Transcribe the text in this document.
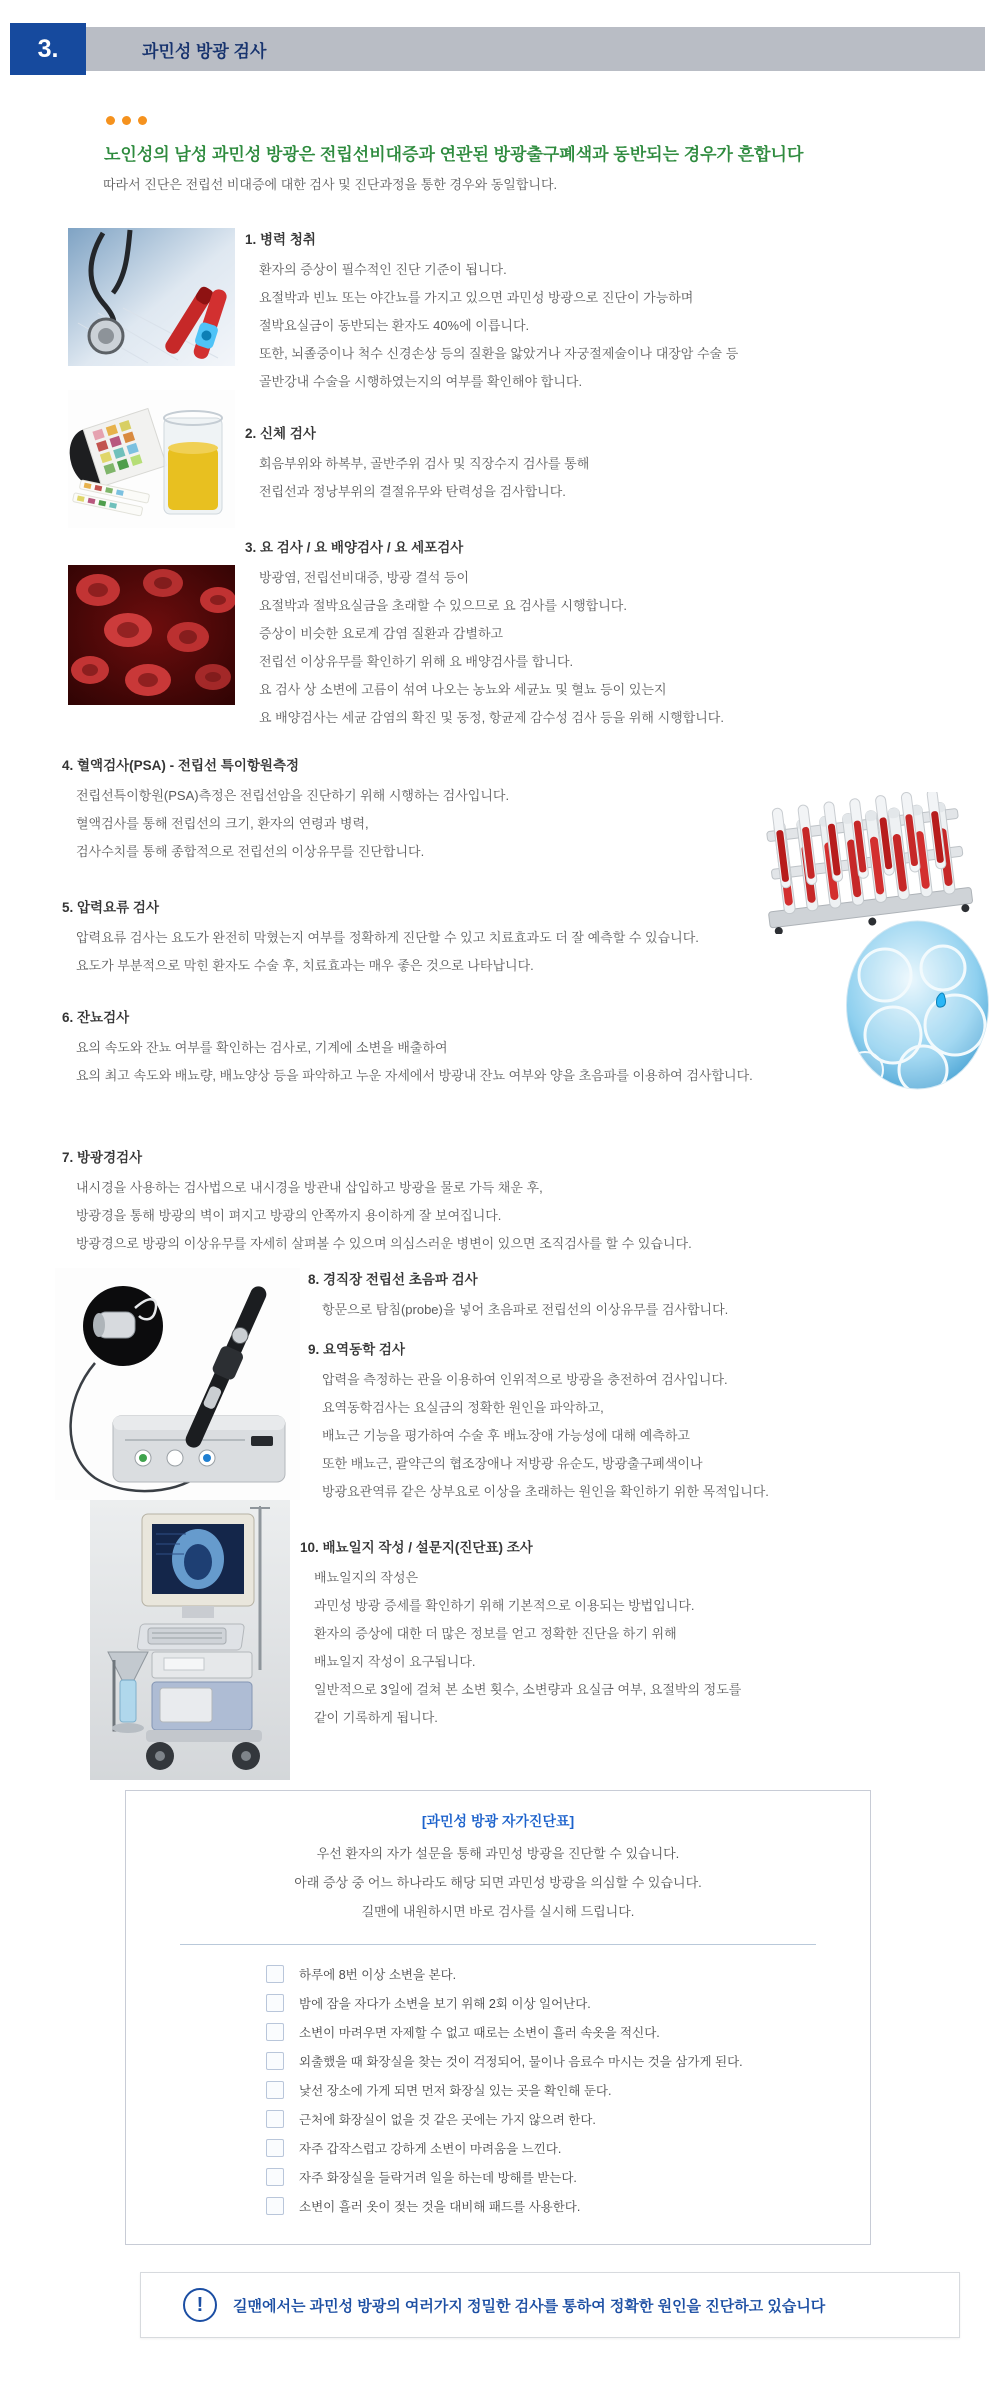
3.	과민성 방광 검사
노인성의 남성 과민성 방광은 전립선비대증과 연관된 방광출구폐색과 동반되는 경우가 흔합니다
따라서 진단은 전립선 비대증에 대한 검사 및 진단과정을 통한 경우와 동일합니다.
1. 병력 청취

환자의 증상이 필수적인 진단 기준이 됩니다.

요절박과 빈뇨 또는 야간뇨를 가지고 있으면 과민성 방광으로 진단이 가능하며

절박요실금이 동반되는 환자도 40%에 이릅니다.

또한, 뇌졸중이나 척수 신경손상 등의 질환을 앓았거나 자궁절제술이나 대장암 수술 등

골반강내 수술을 시행하였는지의 여부를 확인해야 합니다.

2. 신체 검사

회음부위와 하복부, 골반주위 검사 및 직장수지 검사를 통해

전립선과 정낭부위의 결절유무와 탄력성을 검사합니다.

3. 요 검사 / 요 배양검사 / 요 세포검사

방광염, 전립선비대증, 방광 결석 등이

요절박과 절박요실금을 초래할 수 있으므로 요 검사를 시행합니다.

증상이 비슷한 요로계 감염 질환과 감별하고

전립선 이상유무를 확인하기 위해 요 배양검사를 합니다.

요 검사 상 소변에 고름이 섞여 나오는 농뇨와 세균뇨 및 혈뇨 등이 있는지

요 배양검사는 세균 감염의 확진 및 동정, 항균제 감수성 검사 등을 위해 시행합니다.

4. 혈액검사(PSA) - 전립선 특이항원측정

전립선특이항원(PSA)측정은 전립선암을 진단하기 위해 시행하는 검사입니다.

혈액검사를 통해 전립선의 크기, 환자의 연령과 병력,

검사수치를 통해 종합적으로 전립선의 이상유무를 진단합니다.

5. 압력요류 검사

압력요류 검사는 요도가 완전히 막혔는지 여부를 정확하게 진단할 수 있고 치료효과도 더 잘 예측할 수 있습니다.

요도가 부분적으로 막힌 환자도 수술 후, 치료효과는 매우 좋은 것으로 나타납니다.

6. 잔뇨검사

요의 속도와 잔뇨 여부를 확인하는 검사로, 기계에 소변을 배출하여

요의 최고 속도와 배뇨량, 배뇨양상 등을 파악하고 누운 자세에서 방광내 잔뇨 여부와 양을 초음파를 이용하여 검사합니다.

7. 방광경검사

내시경을 사용하는 검사법으로 내시경을 방관내 삽입하고 방광을 물로 가득 채운 후,

방광경을 통해 방광의 벽이 펴지고 방광의 안쪽까지 용이하게 잘 보여집니다.

방광경으로 방광의 이상유무를 자세히 살펴볼 수 있으며 의심스러운 병변이 있으면 조직검사를 할 수 있습니다.

8. 경직장 전립선 초음파 검사

항문으로 탐침(probe)을 넣어 초음파로 전립선의 이상유무를 검사합니다.

9. 요역동학 검사

압력을 측정하는 관을 이용하여 인위적으로 방광을 충전하여 검사입니다.

요역동학검사는 요실금의 정확한 원인을 파악하고,

배뇨근 기능을 평가하여 수술 후 배뇨장애 가능성에 대해 예측하고

또한 배뇨근, 괄약근의 협조장애나 저방광 유순도, 방광출구폐색이나

방광요관역류 같은 상부요로 이상을 초래하는 원인을 확인하기 위한 목적입니다.

10. 배뇨일지 작성 / 설문지(진단표) 조사

배뇨일지의 작성은

과민성 방광 증세를 확인하기 위해 기본적으로 이용되는 방법입니다.

환자의 증상에 대한 더 많은 정보를 얻고 정확한 진단을 하기 위해

배뇨일지 작성이 요구됩니다.

일반적으로 3일에 걸쳐 본 소변 횟수, 소변량과 요실금 여부, 요절박의 정도를

같이 기록하게 됩니다.

[과민성 방광 자가진단표]

우선 환자의 자가 설문을 통해 과민성 방광을 진단할 수 있습니다.

아래 증상 중 어느 하나라도 해당 되면 과민성 방광을 의심할 수 있습니다.

길맨에 내원하시면 바로 검사를 실시해 드립니다.

하루에 8번 이상 소변을 본다.
밤에 잠을 자다가 소변을 보기 위해 2회 이상 일어난다.
소변이 마려우면 자제할 수 없고 때로는 소변이 흘러 속옷을 적신다.
외출했을 때 화장실을 찾는 것이 걱정되어, 물이나 음료수 마시는 것을 삼가게 된다.
낯선 장소에 가게 되면 먼저 화장실 있는 곳을 확인해 둔다.
근처에 화장실이 없을 것 같은 곳에는 가지 않으려 한다.
자주 갑작스럽고 강하게 소변이 마려움을 느낀다.
자주 화장실을 들락거려 일을 하는데 방해를 받는다.
소변이 흘러 옷이 젖는 것을 대비해 패드를 사용한다.
!	길맨에서는 과민성 방광의 여러가지 정밀한 검사를 통하여 정확한 원인을 진단하고 있습니다
